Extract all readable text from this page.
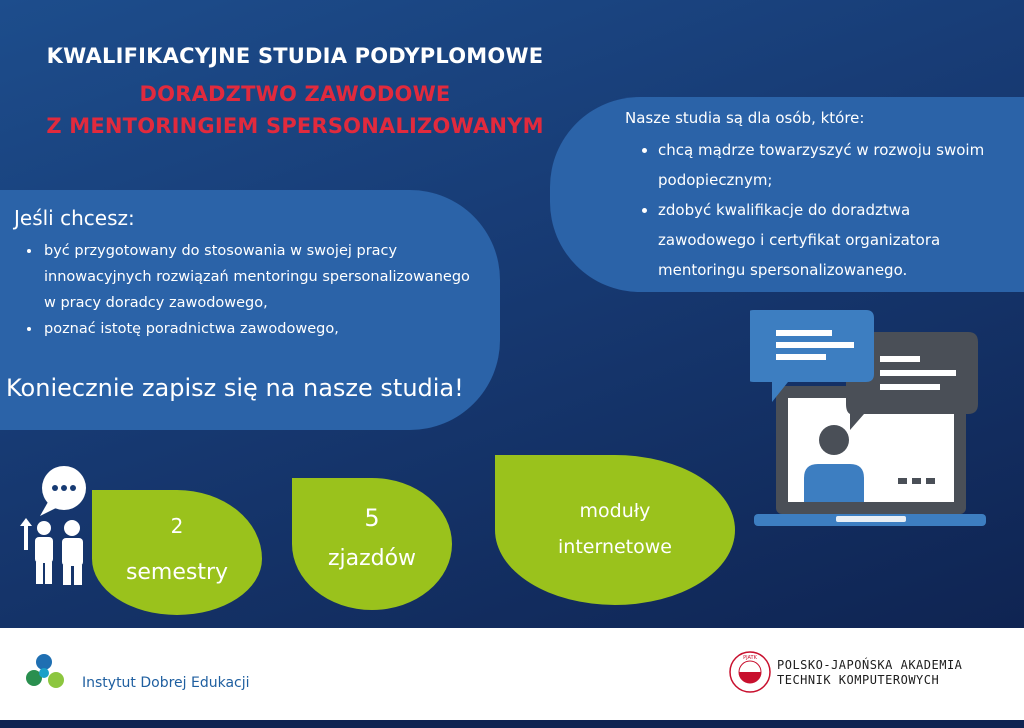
KWALIFIKACYJNE STUDIA PODYPLOMOWE
DORADZTWO ZAWODOWE
Z MENTORINGIEM SPERSONALIZOWANYM
Jeśli chcesz:
• być przygotowany do stosowania w swojej pracy innowacyjnych rozwiązań mentoringu spersonalizowanego w pracy doradcy zawodowego,
• poznać istotę poradnictwa zawodowego,
Koniecznie zapisz się na nasze studia!
Nasze studia są dla osób, które:
• chcą mądrze towarzyszyć w rozwoju swoim podopiecznym;
• zdobyć kwalifikacje do doradztwa zawodowego i certyfikat organizatora mentoringu spersonalizowanego.
2
semestry
5
zjazdów
moduły internetowe
Instytut Dobrej Edukacji
PJATK POLSKO-JAPOŃSKA AKADEMIA
TECHNIK KOMPUTEROWYCH
